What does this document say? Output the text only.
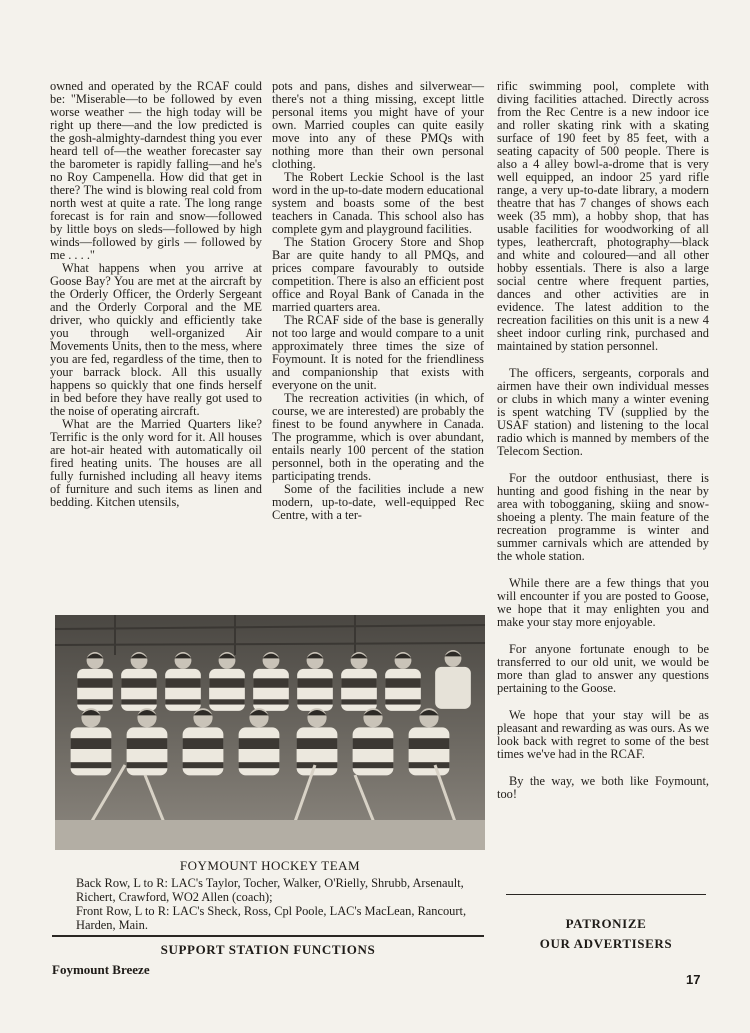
owned and operated by the RCAF could be: "Miserable—to be followed by even worse weather — the high today will be right up there—and the low predicted is the gosh-almighty-darndest thing you ever heard tell of—the weather forecaster say the barometer is rapidly falling—and he's no Roy Campenella. How did that get in there? The wind is blowing real cold from north west at quite a rate. The long range forecast is for rain and snow—followed by little boys on sleds—followed by high winds—followed by girls — followed by me . . . ."

What happens when you arrive at Goose Bay? You are met at the aircraft by the Orderly Officer, the Orderly Sergeant and the Orderly Corporal and the ME driver, who quickly and efficiently take you through well-organized Air Movements Units, then to the mess, where you are fed, regardless of the time, then to your barrack block. All this usually happens so quickly that one finds herself in bed before they have really got used to the noise of operating aircraft.

What are the Married Quarters like? Terrific is the only word for it. All houses are hot-air heated with automatically oil fired heating units. The houses are all fully furnished including all heavy items of furniture and such items as linen and bedding. Kitchen utensils,

pots and pans, dishes and silverwear—there's not a thing missing, except little personal items you might have of your own. Married couples can quite easily move into any of these PMQs with nothing more than their own personal clothing.

The Robert Leckie School is the last word in the up-to-date modern educational system and boasts some of the best teachers in Canada. This school also has complete gym and playground facilities.

The Station Grocery Store and Shop Bar are quite handy to all PMQs, and prices compare favourably to outside competition. There is also an efficient post office and Royal Bank of Canada in the married quarters area.

The RCAF side of the base is generally not too large and would compare to a unit approximately three times the size of Foymount. It is noted for the friendliness and companionship that exists with everyone on the unit.

The recreation activities (in which, of course, we are interested) are probably the finest to be found anywhere in Canada. The programme, which is over abundant, entails nearly 100 percent of the station personnel, both in the operating and the participating trends.

Some of the facilities include a new modern, up-to-date, well-equipped Rec Centre, with a ter-

rific swimming pool, complete with diving facilities attached. Directly across from the Rec Centre is a new indoor ice and roller skating rink with a skating surface of 190 feet by 85 feet, with a seating capacity of 500 people. There is also a 4 alley bowl-a-drome that is very well equipped, an indoor 25 yard rifle range, a very up-to-date library, a modern theatre that has 7 changes of shows each week (35 mm), a hobby shop, that has usable facilities for woodworking of all types, leathercraft, photography—black and white and coloured—and all other hobby essentials. There is also a large social centre where frequent parties, dances and other activities are in evidence. The latest addition to the recreation facilities on this unit is a new 4 sheet indoor curling rink, purchased and maintained by station personnel.

The officers, sergeants, corporals and airmen have their own individual messes or clubs in which many a winter evening is spent watching TV (supplied by the USAF station) and listening to the local radio which is manned by members of the Telecom Section.

For the outdoor enthusiast, there is hunting and good fishing in the near by area with tobogganing, skiing and snow-shoeing a plenty. The main feature of the recreation programme is winter and summer carnivals which are attended by the whole station.

While there are a few things that you will encounter if you are posted to Goose, we hope that it may enlighten you and make your stay more enjoyable.

For anyone fortunate enough to be transferred to our old unit, we would be more than glad to answer any questions pertaining to the Goose.

We hope that your stay will be as pleasant and rewarding as was ours. As we look back with regret to some of the best times we've had in the RCAF.

By the way, we both like Foymount, too!

FOYMOUNT HOCKEY TEAM

Back Row, L to R: LAC's Taylor, Tocher, Walker, O'Rielly, Shrubb, Arsenault, Richert, Crawford, WO2 Allen (coach);

Front Row, L to R: LAC's Sheck, Ross, Cpl Poole, LAC's MacLean, Rancourt, Harden, Main.

SUPPORT STATION FUNCTIONS
PATRONIZE
OUR ADVERTISERS
Foymount Breeze
17
